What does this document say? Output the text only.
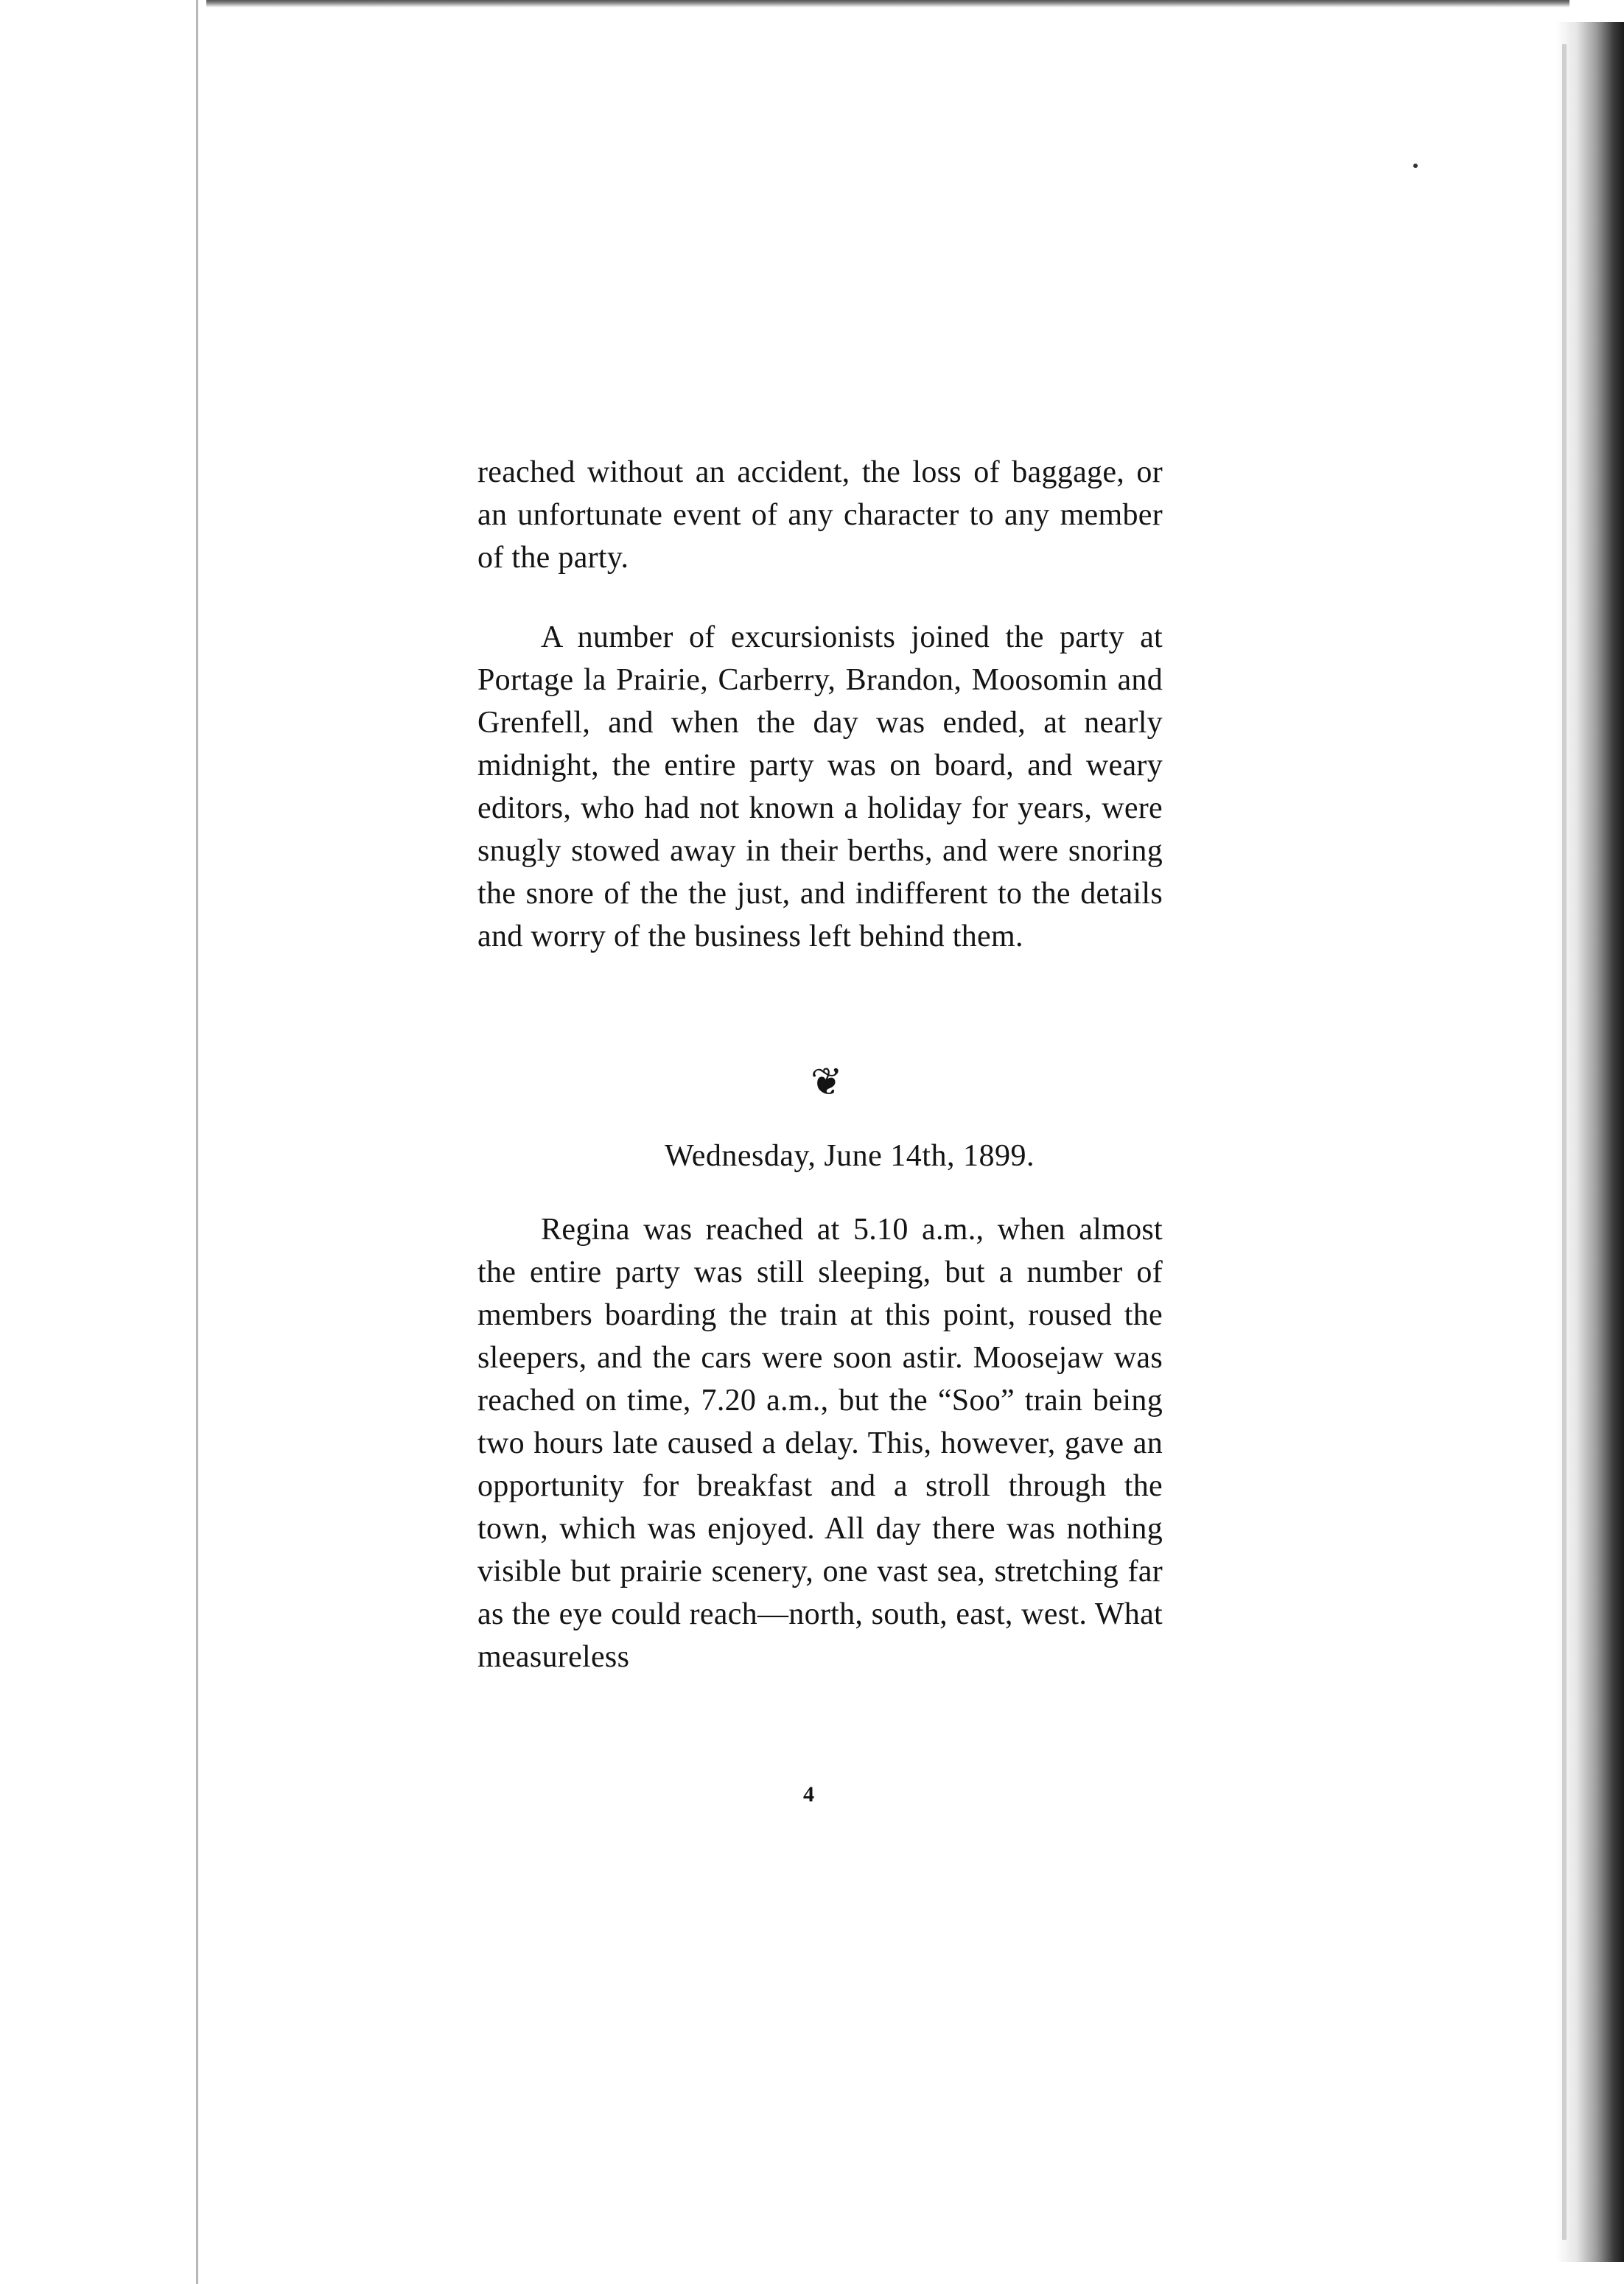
reached without an accident, the loss of baggage, or an unfortunate event of any character to any member of the party.

A number of excursionists joined the party at Portage la Prairie, Carberry, Brandon, Moosomin and Grenfell, and when the day was ended, at nearly midnight, the entire party was on board, and weary editors, who had not known a holiday for years, were snugly stowed away in their berths, and were snoring the snore of the the just, and indifferent to the details and worry of the business left behind them.

❦
Wednesday, June 14th, 1899.

Regina was reached at 5.10 a.m., when almost the entire party was still sleeping, but a number of members boarding the train at this point, roused the sleepers, and the cars were soon astir. Moosejaw was reached on time, 7.20 a.m., but the “Soo” train being two hours late caused a delay. This, however, gave an opportunity for breakfast and a stroll through the town, which was enjoyed. All day there was nothing visible but prairie scenery, one vast sea, stretching far as the eye could reach—north, south, east, west. What measureless

4
